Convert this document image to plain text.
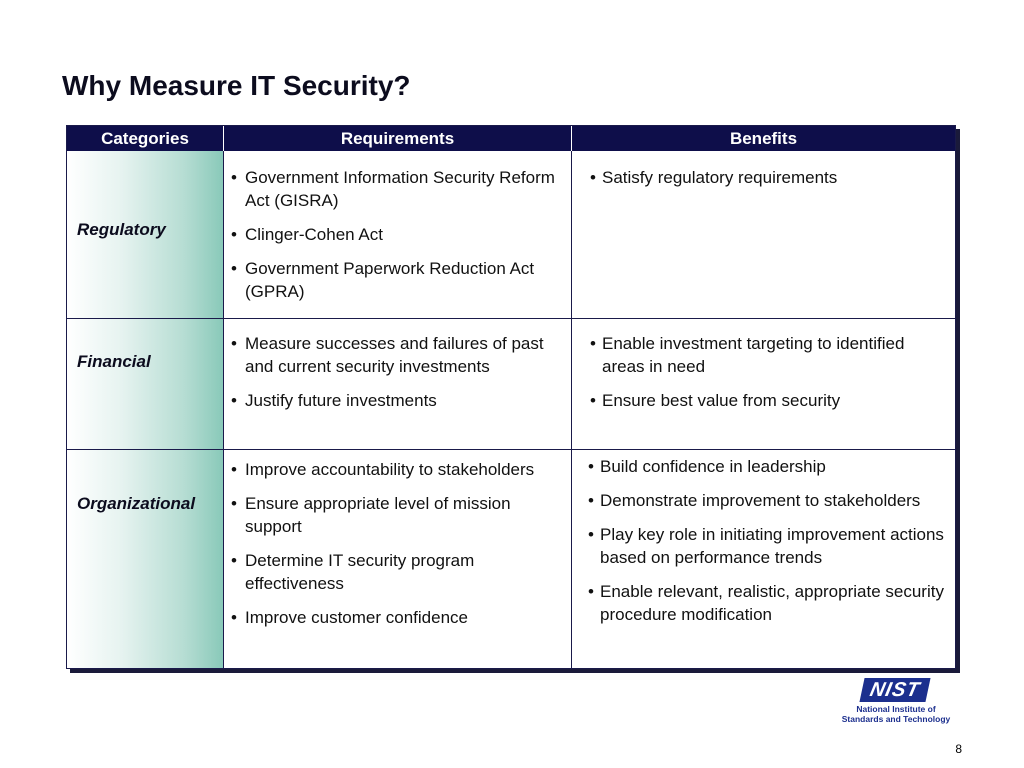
Why Measure IT Security?
Categories	Requirements	Benefits
Regulatory
• Government Information Security Reform Act (GISRA)
• Clinger-Cohen Act
• Government Paperwork Reduction Act (GPRA)
• Satisfy regulatory requirements
Financial
• Measure successes and failures of past and current security investments
• Justify future investments
• Enable investment targeting to identified areas in need
• Ensure best value from security
Organizational
• Improve accountability to stakeholders
• Ensure appropriate level of mission support
• Determine IT security program effectiveness
• Improve customer confidence
• Build confidence in leadership
• Demonstrate improvement to stakeholders
• Play key role in initiating improvement actions based on performance trends
• Enable relevant, realistic, appropriate security procedure modification
NIST
National Institute of
Standards and Technology
8
